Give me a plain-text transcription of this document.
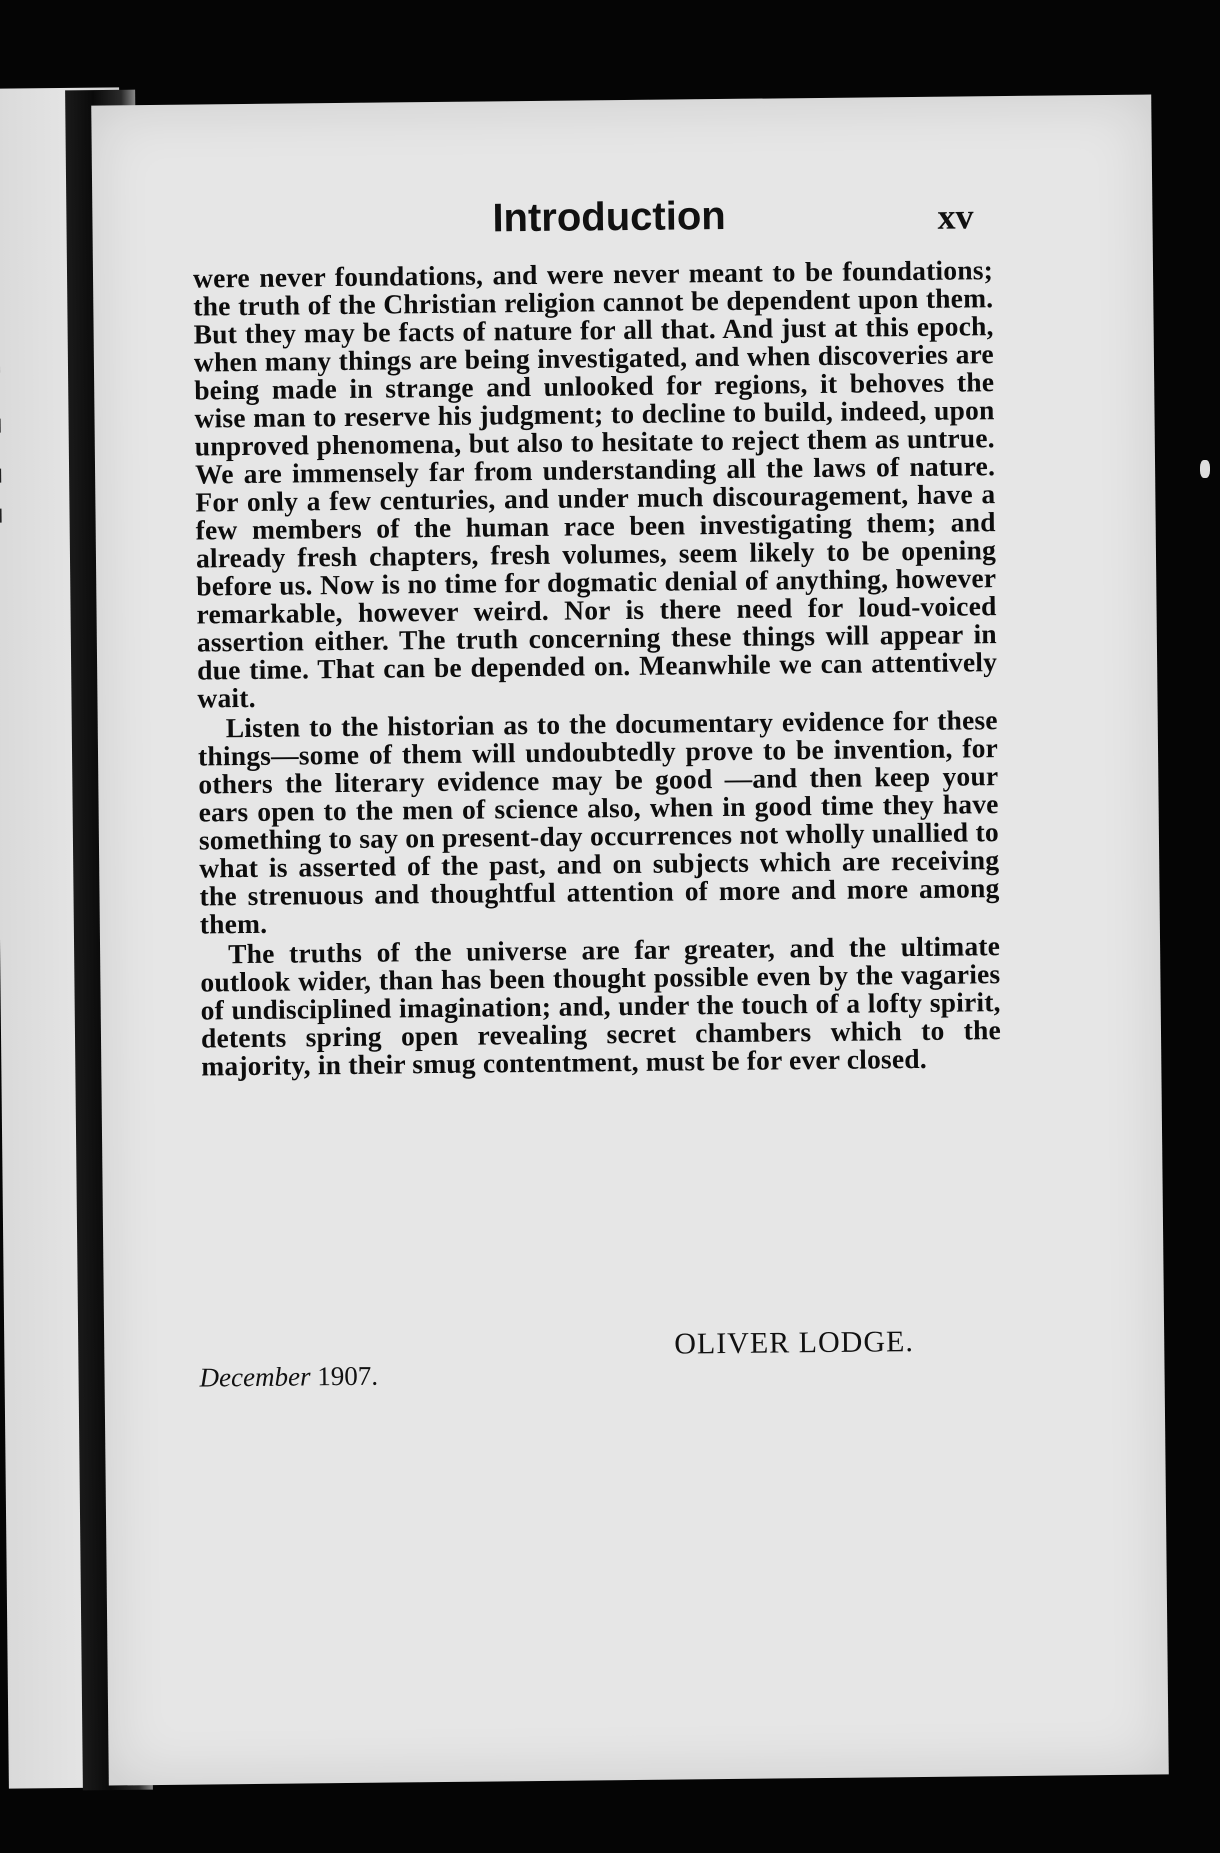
Introduction	xv

were never foundations, and were never meant to be foundations; the truth of the Christian religion cannot be dependent upon them. But they may be facts of nature for all that. And just at this epoch, when many things are being investigated, and when discoveries are being made in strange and unlooked for regions, it behoves the wise man to reserve his judgment; to decline to build, indeed, upon unproved phenomena, but also to hesitate to reject them as untrue. We are immensely far from understanding all the laws of nature. For only a few centuries, and under much discouragement, have a few members of the human race been investigating them; and already fresh chapters, fresh volumes, seem likely to be opening before us. Now is no time for dogmatic denial of anything, however remarkable, however weird. Nor is there need for loud-voiced assertion either. The truth concerning these things will appear in due time. That can be depended on. Meanwhile we can attentively wait.

Listen to the historian as to the documentary evidence for these things—some of them will undoubtedly prove to be invention, for others the literary evidence may be good —and then keep your ears open to the men of science also, when in good time they have something to say on present-day occurrences not wholly unallied to what is asserted of the past, and on subjects which are receiving the strenuous and thoughtful attention of more and more among them.

The truths of the universe are far greater, and the ultimate outlook wider, than has been thought possible even by the vagaries of undisciplined imagination; and, under the touch of a lofty spirit, detents spring open revealing secret chambers which to the majority, in their smug contentment, must be for ever closed.

OLIVER LODGE.
December 1907.
